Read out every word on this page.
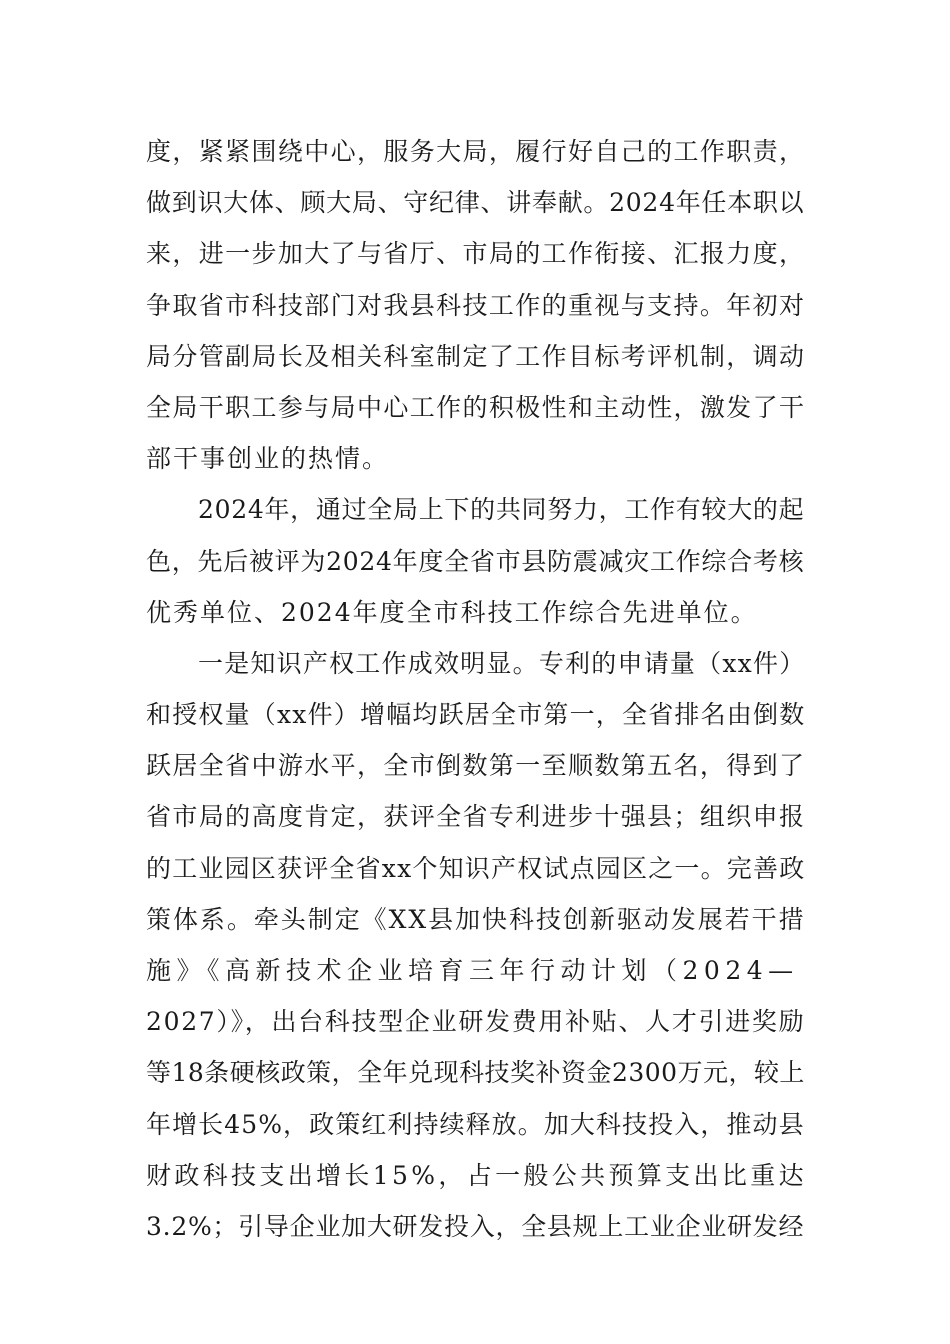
度，紧紧围绕中心，服务大局，履行好自己的工作职责，
做到识大体、顾大局、守纪律、讲奉献。2024年任本职以
来，进一步加大了与省厅、市局的工作衔接、汇报力度，
争取省市科技部门对我县科技工作的重视与支持。年初对
局分管副局长及相关科室制定了工作目标考评机制，调动
全局干职工参与局中心工作的积极性和主动性，激发了干
部干事创业的热情。
2024年，通过全局上下的共同努力，工作有较大的起
色，先后被评为2024年度全省市县防震减灾工作综合考核
优秀单位、2024年度全市科技工作综合先进单位。
一是知识产权工作成效明显。专利的申请量（xx件）
和授权量（xx件）增幅均跃居全市第一，全省排名由倒数
跃居全省中游水平，全市倒数第一至顺数第五名，得到了
省市局的高度肯定，获评全省专利进步十强县；组织申报
的工业园区获评全省xx个知识产权试点园区之一。完善政
策体系。牵头制定《XX县加快科技创新驱动发展若干措
施》《高新技术企业培育三年行动计划（2024—
2027）》，出台科技型企业研发费用补贴、人才引进奖励
等18条硬核政策，全年兑现科技奖补资金2300万元，较上
年增长45%，政策红利持续释放。加大科技投入，推动县
财政科技支出增长15%，占一般公共预算支出比重达
3.2%；引导企业加大研发投入，全县规上工业企业研发经
